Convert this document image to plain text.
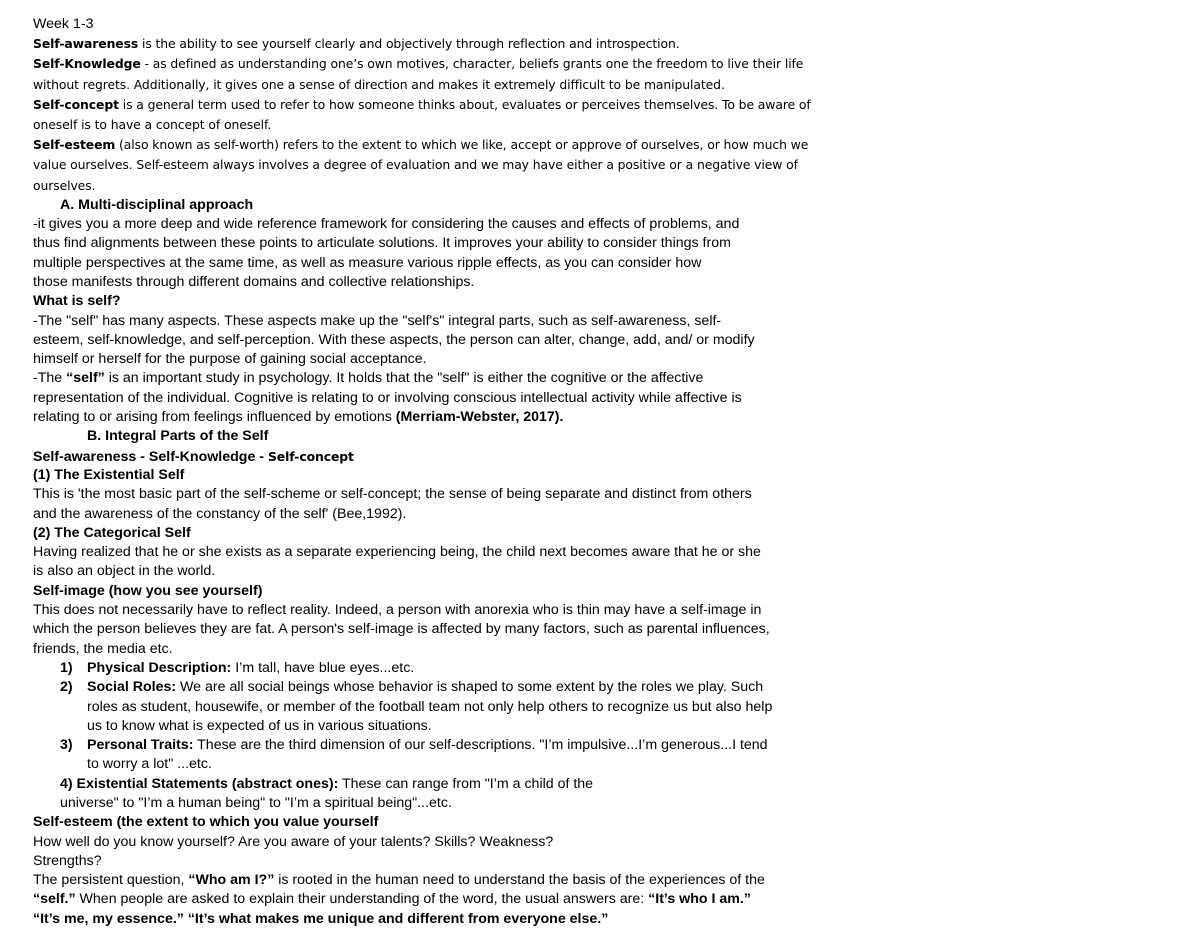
Week 1-3
Self-awareness is the ability to see yourself clearly and objectively through reflection and introspection.
Self-Knowledge - as defined as understanding one’s own motives, character, beliefs grants one the freedom to live their life
without regrets. Additionally, it gives one a sense of direction and makes it extremely difficult to be manipulated.
Self-concept is a general term used to refer to how someone thinks about, evaluates or perceives themselves. To be aware of
oneself is to have a concept of oneself.
Self-esteem (also known as self-worth) refers to the extent to which we like, accept or approve of ourselves, or how much we
value ourselves. Self-esteem always involves a degree of evaluation and we may have either a positive or a negative view of
ourselves.
A. Multi-disciplinal approach
-it gives you a more deep and wide reference framework for considering the causes and effects of problems, and
thus find alignments between these points to articulate solutions. It improves your ability to consider things from
multiple perspectives at the same time, as well as measure various ripple effects, as you can consider how
those manifests through different domains and collective relationships.
What is self?
-The "self" has many aspects. These aspects make up the "self's" integral parts, such as self-awareness, self-
esteem, self-knowledge, and self-perception. With these aspects, the person can alter, change, add, and/ or modify
himself or herself for the purpose of gaining social acceptance.
-The “self” is an important study in psychology. It holds that the "self" is either the cognitive or the affective
representation of the individual. Cognitive is relating to or involving conscious intellectual activity while affective is
relating to or arising from feelings influenced by emotions (Merriam-Webster, 2017).
B. Integral Parts of the Self
Self-awareness - Self-Knowledge - Self-concept
(1) The Existential Self
This is 'the most basic part of the self-scheme or self-concept; the sense of being separate and distinct from others
and the awareness of the constancy of the self' (Bee,1992).
(2) The Categorical Self
Having realized that he or she exists as a separate experiencing being, the child next becomes aware that he or she
is also an object in the world.
Self-image (how you see yourself)
This does not necessarily have to reflect reality. Indeed, a person with anorexia who is thin may have a self-image in
which the person believes they are fat. A person's self-image is affected by many factors, such as parental influences,
friends, the media etc.
1) Physical Description: I’m tall, have blue eyes...etc.
2) Social Roles: We are all social beings whose behavior is shaped to some extent by the roles we play. Such
roles as student, housewife, or member of the football team not only help others to recognize us but also help
us to know what is expected of us in various situations.
3) Personal Traits: These are the third dimension of our self-descriptions. "I’m impulsive...I’m generous...I tend
to worry a lot" ...etc.
4) Existential Statements (abstract ones): These can range from "I’m a child of the
universe" to "I’m a human being" to "I’m a spiritual being"...etc.
Self-esteem (the extent to which you value yourself
How well do you know yourself? Are you aware of your talents? Skills? Weakness?
Strengths?
The persistent question, “Who am I?” is rooted in the human need to understand the basis of the experiences of the
“self.” When people are asked to explain their understanding of the word, the usual answers are: “It’s who I am.”
“It’s me, my essence.” “It’s what makes me unique and different from everyone else.”
